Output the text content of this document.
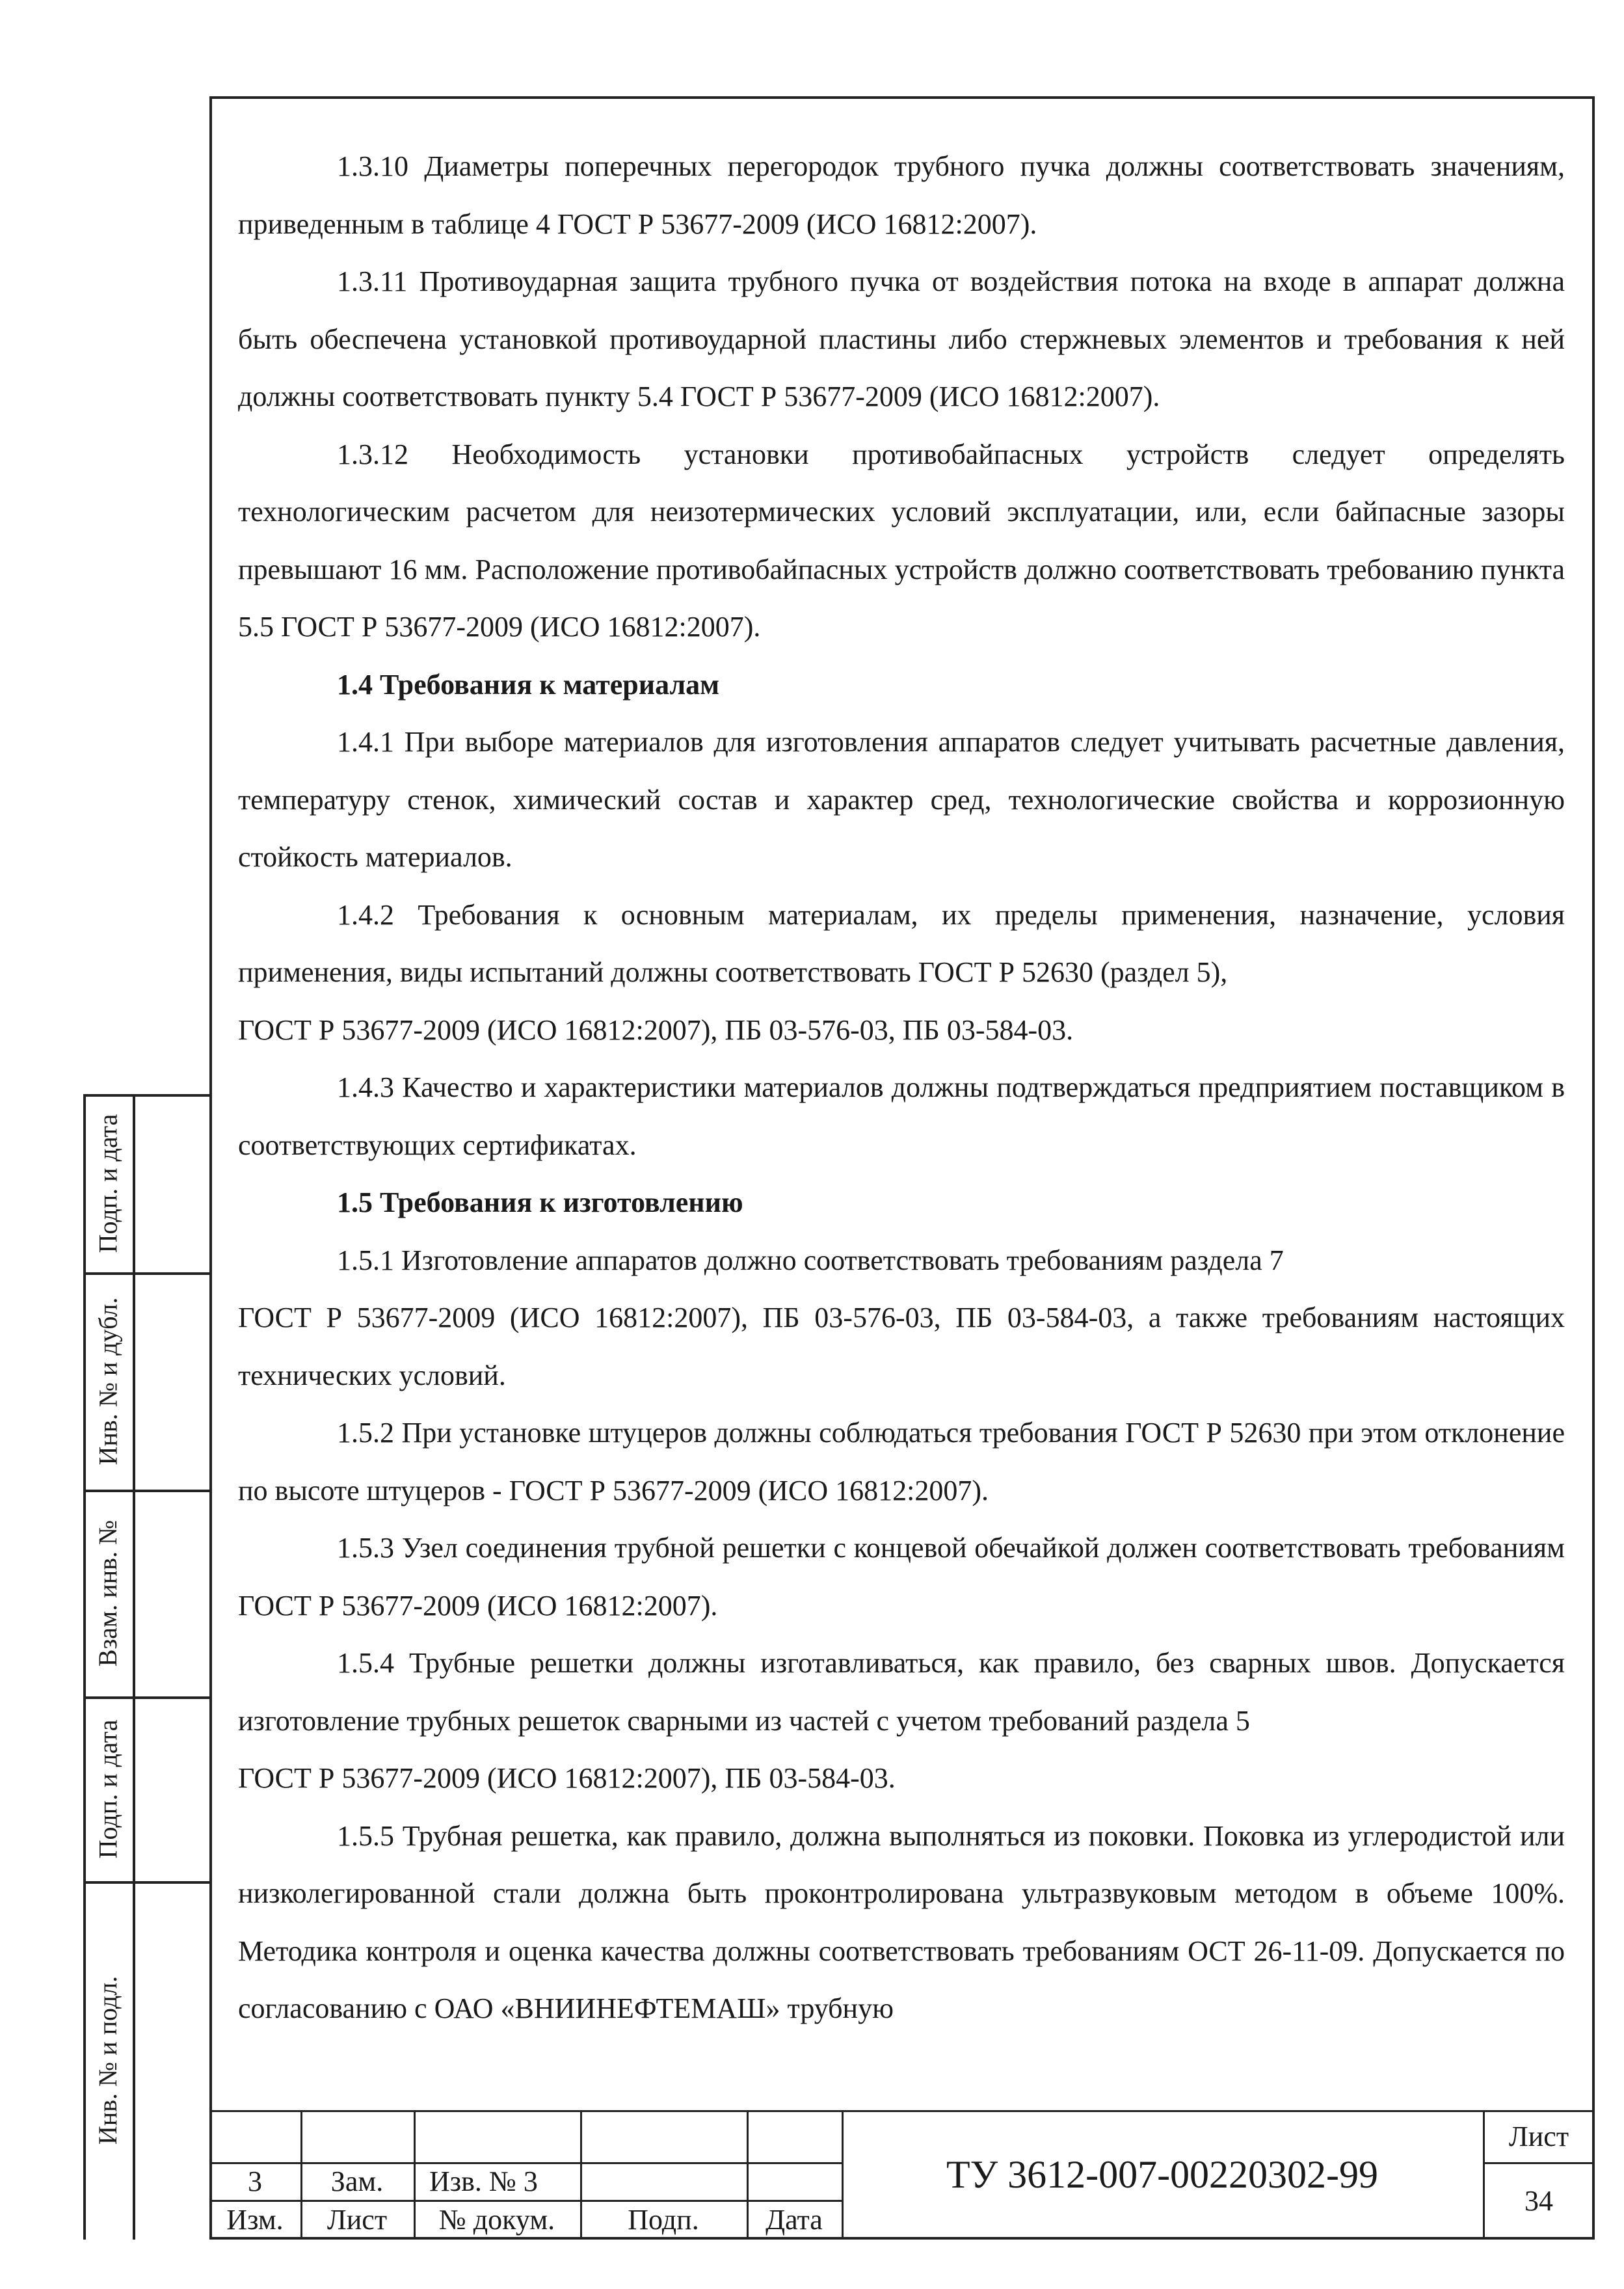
1.3.10 Диаметры поперечных перегородок трубного пучка должны соответствовать значениям, приведенным в таблице 4 ГОСТ Р 53677-2009 (ИСО 16812:2007).

1.3.11 Противоударная защита трубного пучка от воздействия потока на входе в аппарат должна быть обеспечена установкой противоударной пластины либо стержневых элементов и требования к ней должны соответствовать пункту 5.4 ГОСТ Р 53677-2009 (ИСО 16812:2007).

1.3.12 Необходимость установки противобайпасных устройств следует определять технологическим расчетом для неизотермических условий эксплуатации, или, если байпасные зазоры превышают 16 мм. Расположение противобайпасных устройств должно соответствовать требованию пункта 5.5 ГОСТ Р 53677-2009 (ИСО 16812:2007).

1.4 Требования к материалам

1.4.1 При выборе материалов для изготовления аппаратов следует учитывать расчетные давления, температуру стенок, химический состав и характер сред, технологические свойства и коррозионную стойкость материалов.

1.4.2 Требования к основным материалам, их пределы применения, назначение, условия применения, виды испытаний должны соответствовать ГОСТ Р 52630 (раздел 5),

ГОСТ Р 53677-2009 (ИСО 16812:2007), ПБ 03-576-03, ПБ 03-584-03.

1.4.3 Качество и характеристики материалов должны подтверждаться предприятием поставщиком в соответствующих сертификатах.

1.5 Требования к изготовлению

1.5.1 Изготовление аппаратов должно соответствовать требованиям раздела 7

ГОСТ Р 53677-2009 (ИСО 16812:2007), ПБ 03-576-03, ПБ 03-584-03, а также требованиям настоящих технических условий.

1.5.2 При установке штуцеров должны соблюдаться требования ГОСТ Р 52630 при этом отклонение по высоте штуцеров - ГОСТ Р 53677-2009 (ИСО 16812:2007).

1.5.3 Узел соединения трубной решетки с концевой обечайкой должен соответствовать требованиям ГОСТ Р 53677-2009 (ИСО 16812:2007).

1.5.4 Трубные решетки должны изготавливаться, как правило, без сварных швов. Допускается изготовление трубных решеток сварными из частей с учетом требований раздела 5

ГОСТ Р 53677-2009 (ИСО 16812:2007), ПБ 03-584-03.

1.5.5 Трубная решетка, как правило, должна выполняться из поковки. Поковка из углеродистой или низколегированной стали должна быть проконтролирована ультразвуковым методом в объеме 100%. Методика контроля и оценка качества должны соответствовать требованиям ОСТ 26-11-09. Допускается по согласованию с ОАО «ВНИИНЕФТЕМАШ» трубную

Подп. и дата
Инв. № и дубл.
Взам. инв. №
Подп. и дата
Инв. № и подл.
3	Зам.	Изв. № 3
Изм.	Лист	№ докум.	Подп.	Дата
ТУ 3612-007-00220302-99
Лист
34
